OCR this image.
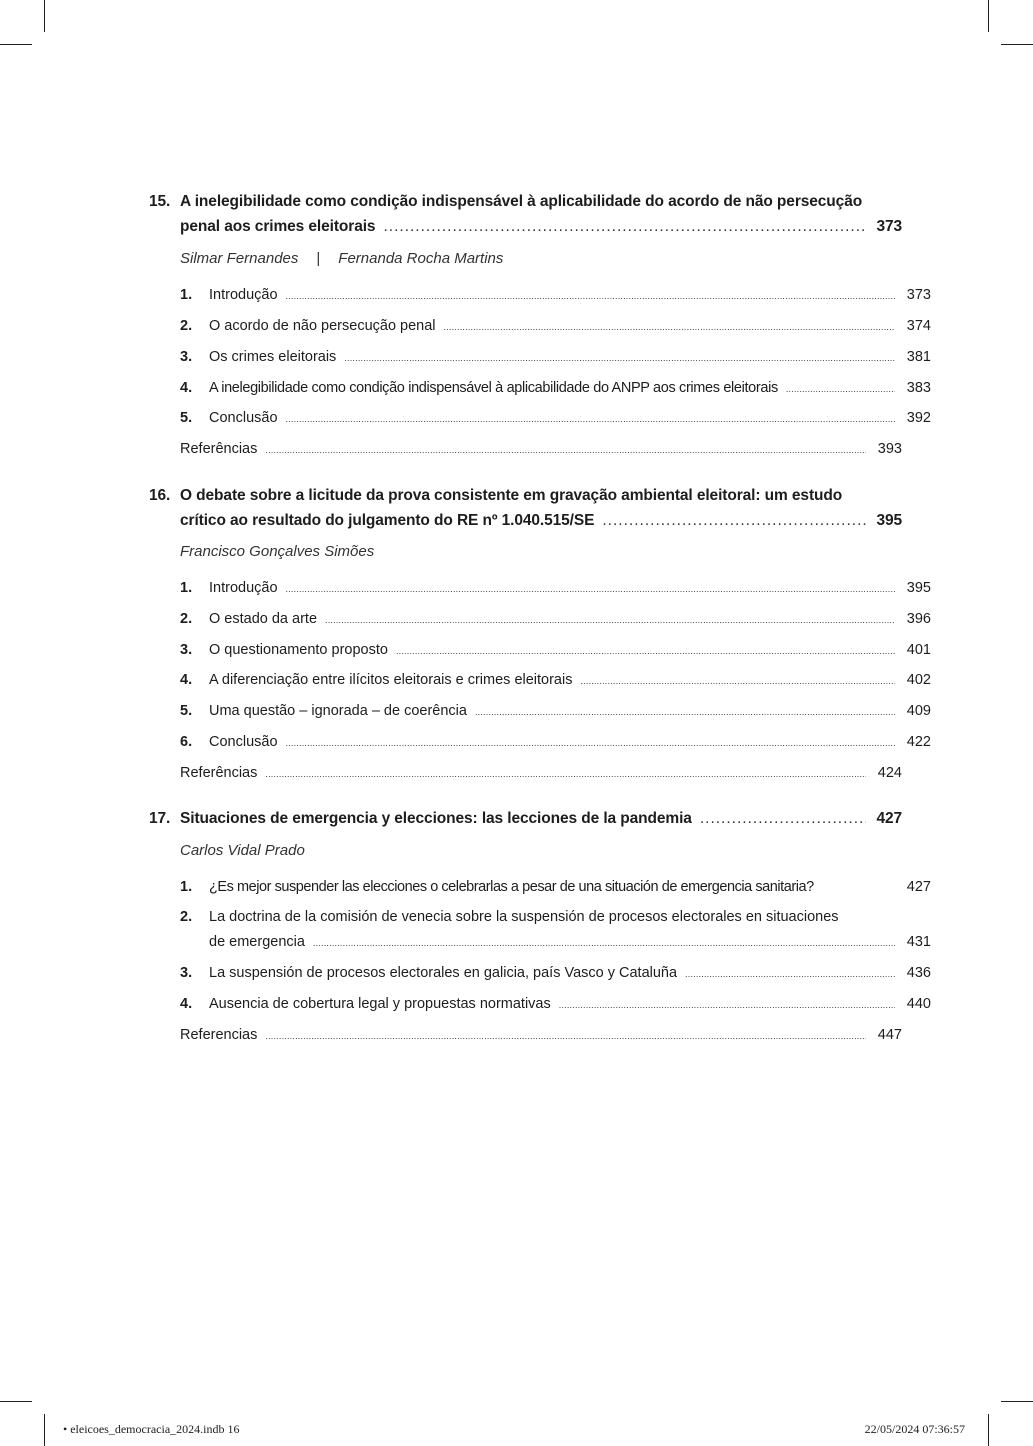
15. A inelegibilidade como condição indispensável à aplicabilidade do acordo de não persecução
penal aos crimes eleitorais .....	373
Silmar Fernandes | Fernanda Rocha Martins
1. Introdução .....	373
2. O acordo de não persecução penal .....	374
3. Os crimes eleitorais .....	381
4. A inelegibilidade como condição indispensável à aplicabilidade do ANPP aos crimes eleitorais .....	383
5. Conclusão .....	392
Referências .....	393
16. O debate sobre a licitude da prova consistente em gravação ambiental eleitoral: um estudo
crítico ao resultado do julgamento do RE nº 1.040.515/SE .....	395
Francisco Gonçalves Simões
1. Introdução .....	395
2. O estado da arte .....	396
3. O questionamento proposto .....	401
4. A diferenciação entre ilícitos eleitorais e crimes eleitorais .....	402
5. Uma questão – ignorada – de coerência .....	409
6. Conclusão .....	422
Referências .....	424
17. Situaciones de emergencia y elecciones: las lecciones de la pandemia .....	427
Carlos Vidal Prado
1. ¿Es mejor suspender las elecciones o celebrarlas a pesar de una situación de emergencia sanitaria?	427
2. La doctrina de la comisión de venecia sobre la suspensión de procesos electorales en situaciones
de emergencia .....	431
3. La suspensión de procesos electorales en galicia, país Vasco y Cataluña .....	436
4. Ausencia de cobertura legal y propuestas normativas .....	440
Referencias .....	447
• eleicoes_democracia_2024.indb 16	22/05/2024 07:36:57
